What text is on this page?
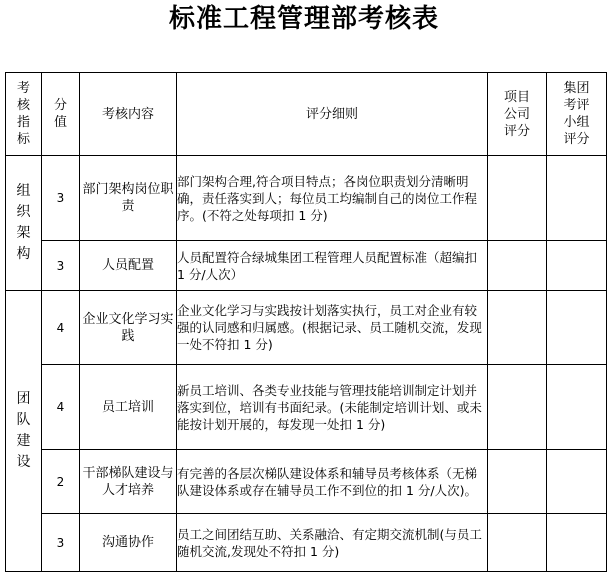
标准工程管理部考核表
考核指标	分值	考核内容	评分细则	项目公司评分	集团考评小组评分
组织架构	3	部门架构岗位职责	部门架构合理,符合项目特点；各岗位职责划分清晰明确，责任落实到人；每位员工均编制自己的岗位工作程序。(不符之处每项扣 1 分)		
	3	人员配置	人员配置符合绿城集团工程管理人员配置标准（超编扣 1 分/人次）		
团队建设	4	企业文化学习实践	企业文化学习与实践按计划落实执行，员工对企业有较强的认同感和归属感。(根据记录、员工随机交流，发现一处不符扣 1 分)		
	4	员工培训	新员工培训、各类专业技能与管理技能培训制定计划并落实到位，培训有书面纪录。(未能制定培训计划、或未能按计划开展的，每发现一处扣 1 分)		
	2	干部梯队建设与人才培养	有完善的各层次梯队建设体系和辅导员考核体系（无梯队建设体系或存在辅导员工作不到位的扣 1 分/人次)。		
	3	沟通协作	员工之间团结互助、关系融洽、有定期交流机制(与员工随机交流,发现处不符扣 1 分)		
